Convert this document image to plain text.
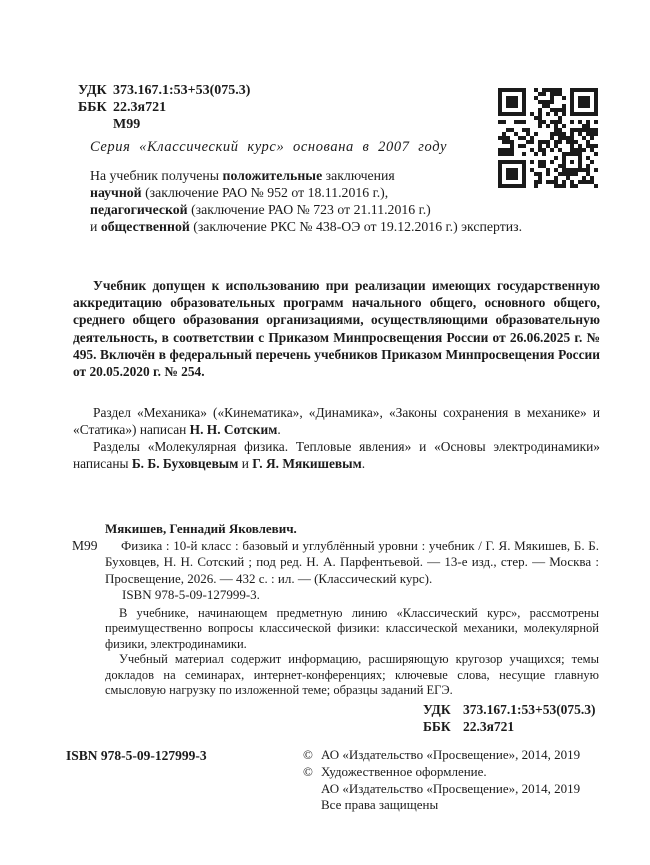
УДК 373.167.1:53+53(075.3)
ББК 22.3я721
М99
Серия «Классический курс» основана в 2007 году
На учебник получены положительные заключения
научной (заключение РАО № 952 от 18.11.2016 г.),
педагогической (заключение РАО № 723 от 21.11.2016 г.)
и общественной (заключение РКС № 438-ОЭ от 19.12.2016 г.) экспертиз.
Учебник допущен к использованию при реализации имеющих государственную аккредитацию образовательных программ начального общего, основного общего, среднего общего образования организациями, осуществляющими образовательную деятельность, в соответствии с Приказом Минпросвещения России от 26.06.2025 г. № 495. Включён в федеральный перечень учебников Приказом Минпросвещения России от 20.05.2020 г. № 254.

Раздел «Механика» («Кинематика», «Динамика», «Законы сохранения в механике» и «Статика») написан Н. Н. Сотским.

Разделы «Молекулярная физика. Тепловые явления» и «Основы электродинамики» написаны Б. Б. Буховцевым и Г. Я. Мякишевым.

М99
Мякишев, Геннадий Яковлевич.

Физика : 10-й класс : базовый и углублённый уровни : учебник / Г. Я. Мякишев, Б. Б. Буховцев, Н. Н. Сотский ; под ред. Н. А. Парфентьевой. — 13-е изд., стер. — Москва : Просвещение, 2026. — 432 с. : ил. — (Классический курс).

ISBN 978-5-09-127999-3.

В учебнике, начинающем предметную линию «Классический курс», рассмотрены преимущественно вопросы классической физики: классической механики, молекулярной физики, электродинамики.

Учебный материал содержит информацию, расширяющую кругозор учащихся; темы докладов на семинарах, интернет-конференциях; ключевые слова, несущие главную смысловую нагрузку по изложенной теме; образцы заданий ЕГЭ.

УДК 373.167.1:53+53(075.3)
ББК 22.3я721
ISBN 978-5-09-127999-3	© АО «Издательство «Просвещение», 2014, 2019
© Художественное оформление.
АО «Издательство «Просвещение», 2014, 2019
Все права защищены
